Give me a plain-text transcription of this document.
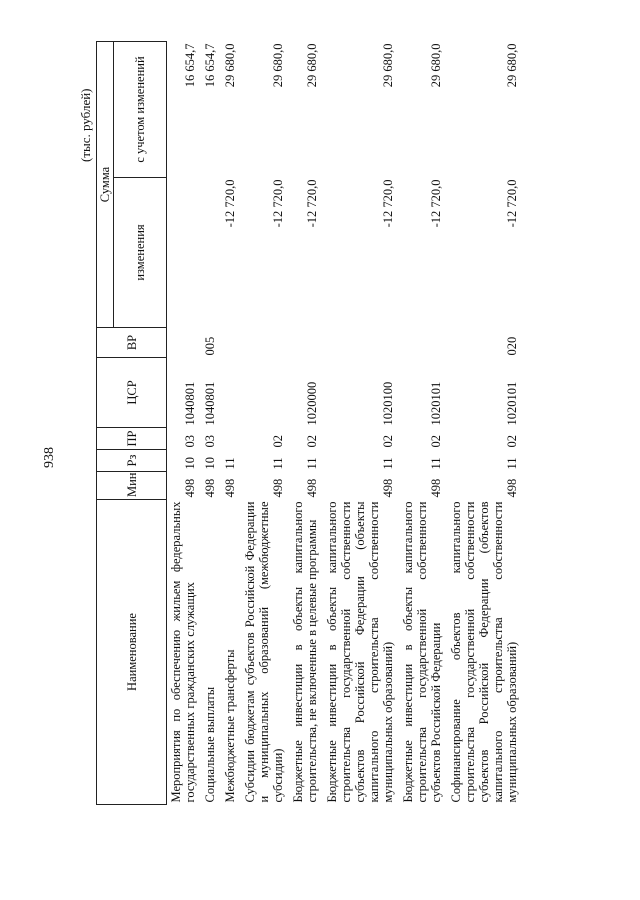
938
(тыс. рублей)
Наименование	Мин	Рз	ПР	ЦСР	ВР	Сумма	
						изменения	с учетом изменений
Мероприятия по обеспечению жильем федеральных государственных гражданских служащих	498	10	03	1040801			16 654,7
Социальные выплаты	498	10	03	1040801	005		16 654,7
Межбюджетные трансферты	498	11				-12 720,0	29 680,0
Субсидии бюджетам субъектов Российской Федерации и муниципальных образований (межбюджетные субсидии)	498	11	02			-12 720,0	29 680,0
Бюджетные инвестиции в объекты капитального строительства, не включенные в целевые программы	498	11	02	1020000		-12 720,0	29 680,0
Бюджетные инвестиции в объекты капитального строительства государственной собственности субъектов Российской Федерации (объекты капитального строительства собственности муниципальных образований)	498	11	02	1020100		-12 720,0	29 680,0
Бюджетные инвестиции в объекты капитального строительства государственной собственности субъектов Российской Федерации	498	11	02	1020101		-12 720,0	29 680,0
Софинансирование объектов капитального строительства государственной собственности субъектов Российской Федерации (объектов капитального строительства собственности муниципальных образований)	498	11	02	1020101	020	-12 720,0	29 680,0
